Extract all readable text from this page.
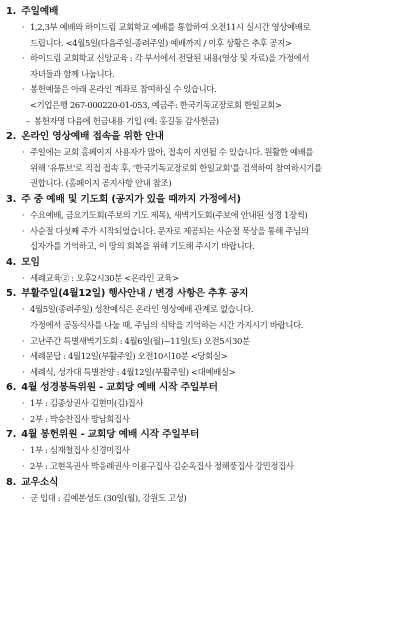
1. 주일예배
· 1,2,3부 예배와 하이드림 교회학교 예배를 통합하여 오전11시 실시간 영상예배로
드립니다. <4월5일(다음주일-종려주일) 예배까지 / 이후 상황은 추후 공지>
· 하이드림 교회학교 신앙교육 : 각 부서에서 전달된 내용(영상 및 자료)을 가정에서
자녀들과 함께 나눕니다.
· 봉헌예물은 아래 온라인 계좌로 참여하실 수 있습니다.
<기업은행 267-000220-01-053, 예금주: 한국기독교장로회 한일교회>
– 봉헌자명 다음에 헌금내용 기입 (예: 홍길동 감사헌금)
2. 온라인 영상예배 접속을 위한 안내
· 주일에는 교회 홈페이지 사용자가 많아, 접속이 지연될 수 있습니다. 원활한 예배를
위해 '유튜브'로 직접 접속 후, '한국기독교장로회 한일교회'를 검색하여 참여하시기를
권합니다. (홈페이지 공지사항 안내 참조)
3. 주 중 예배 및 기도회 (공지가 있을 때까지 가정에서)
· 수요예배, 금요기도회(주보의 기도 제목), 새벽기도회(주보에 안내된 성경 1장씩)
· 사순절 다섯째 주가 시작되었습니다. 문자로 제공되는 사순절 묵상을 통해 주님의
십자가를 기억하고, 이 땅의 회복을 위해 기도해 주시기 바랍니다.
4. 모임
· 세례교육② : 오후2시30분 <온라인 교육>
5. 부활주일(4월12일) 행사안내 / 변경 사항은 추후 공지
· 4월5일(종려주일) 성찬예식은 온라인 영상예배 관계로 없습니다.
가정에서 공동식사를 나눌 때, 주님의 식탁을 기억하는 시간 가지시기 바랍니다.
· 고난주간 특별새벽기도회 : 4월6일(월)~11일(토) 오전5시30분
· 세례문답 : 4월12일(부활주일) 오전10시10분 <당회실>
· 세례식, 성가대 특별찬양 : 4월12일(부활주일) <대예배실>
6. 4월 성경봉독위원 - 교회당 예배 시작 주일부터
· 1부 : 김종상권사 김현미(김)집사
· 2부 : 박승찬집사 방남희집사
7. 4월 봉헌위원 - 교회당 예배 시작 주일부터
· 1부 : 심재철집사 신경미집사
· 2부 : 고현옥권사 박응례권사 이용구집사 김순옥집사 정해풍집사 강민정집사
8. 교우소식
· 군 입대 : 김예본성도 (30일(월), 강원도 고성)
